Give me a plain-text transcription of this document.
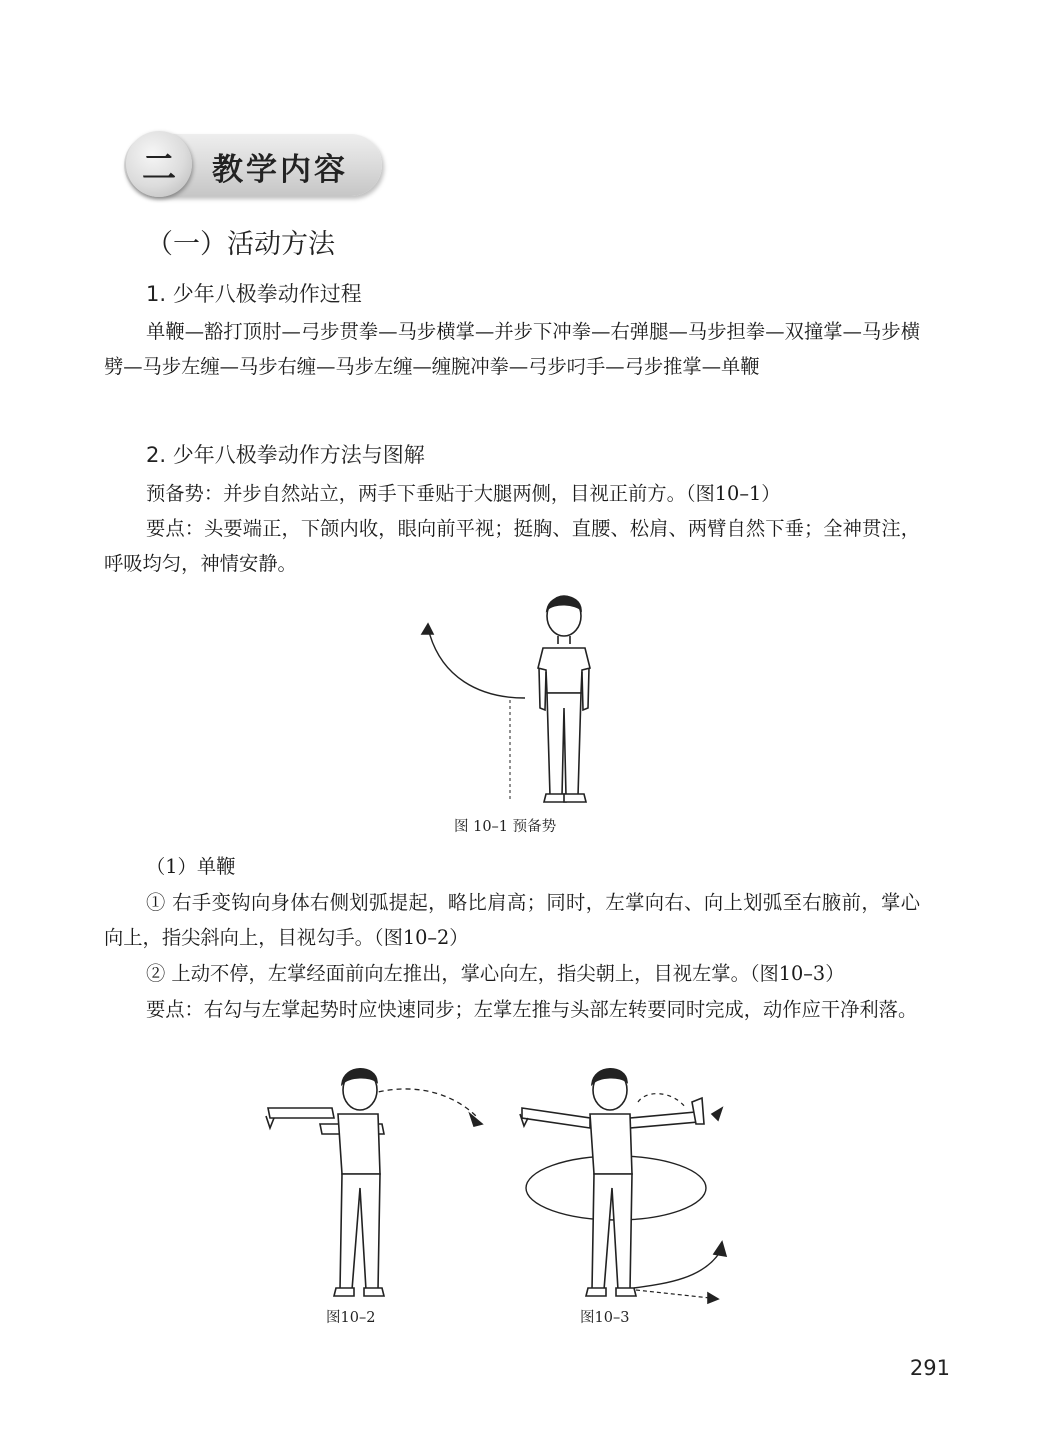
二	教学内容
（一）活动方法
1. 少年八极拳动作过程
单鞭—豁打顶肘—弓步贯拳—马步横掌—并步下冲拳—右弹腿—马步担拳—双撞掌—马步横劈—马步左缠—马步右缠—马步左缠—缠腕冲拳—弓步叼手—弓步推掌—单鞭
2. 少年八极拳动作方法与图解
预备势：并步自然站立，两手下垂贴于大腿两侧，目视正前方。（图10–1）
要点：头要端正，下颌内收，眼向前平视；挺胸、直腰、松肩、两臂自然下垂；全神贯注，呼吸均匀，神情安静。
图 10–1 预备势
（1）单鞭
① 右手变钩向身体右侧划弧提起，略比肩高；同时，左掌向右、向上划弧至右腋前，掌心向上，指尖斜向上，目视勾手。（图10–2）
② 上动不停，左掌经面前向左推出，掌心向左，指尖朝上，目视左掌。（图10–3）
要点：右勾与左掌起势时应快速同步；左掌左推与头部左转要同时完成，动作应干净利落。
图10–2	图10–3
291
